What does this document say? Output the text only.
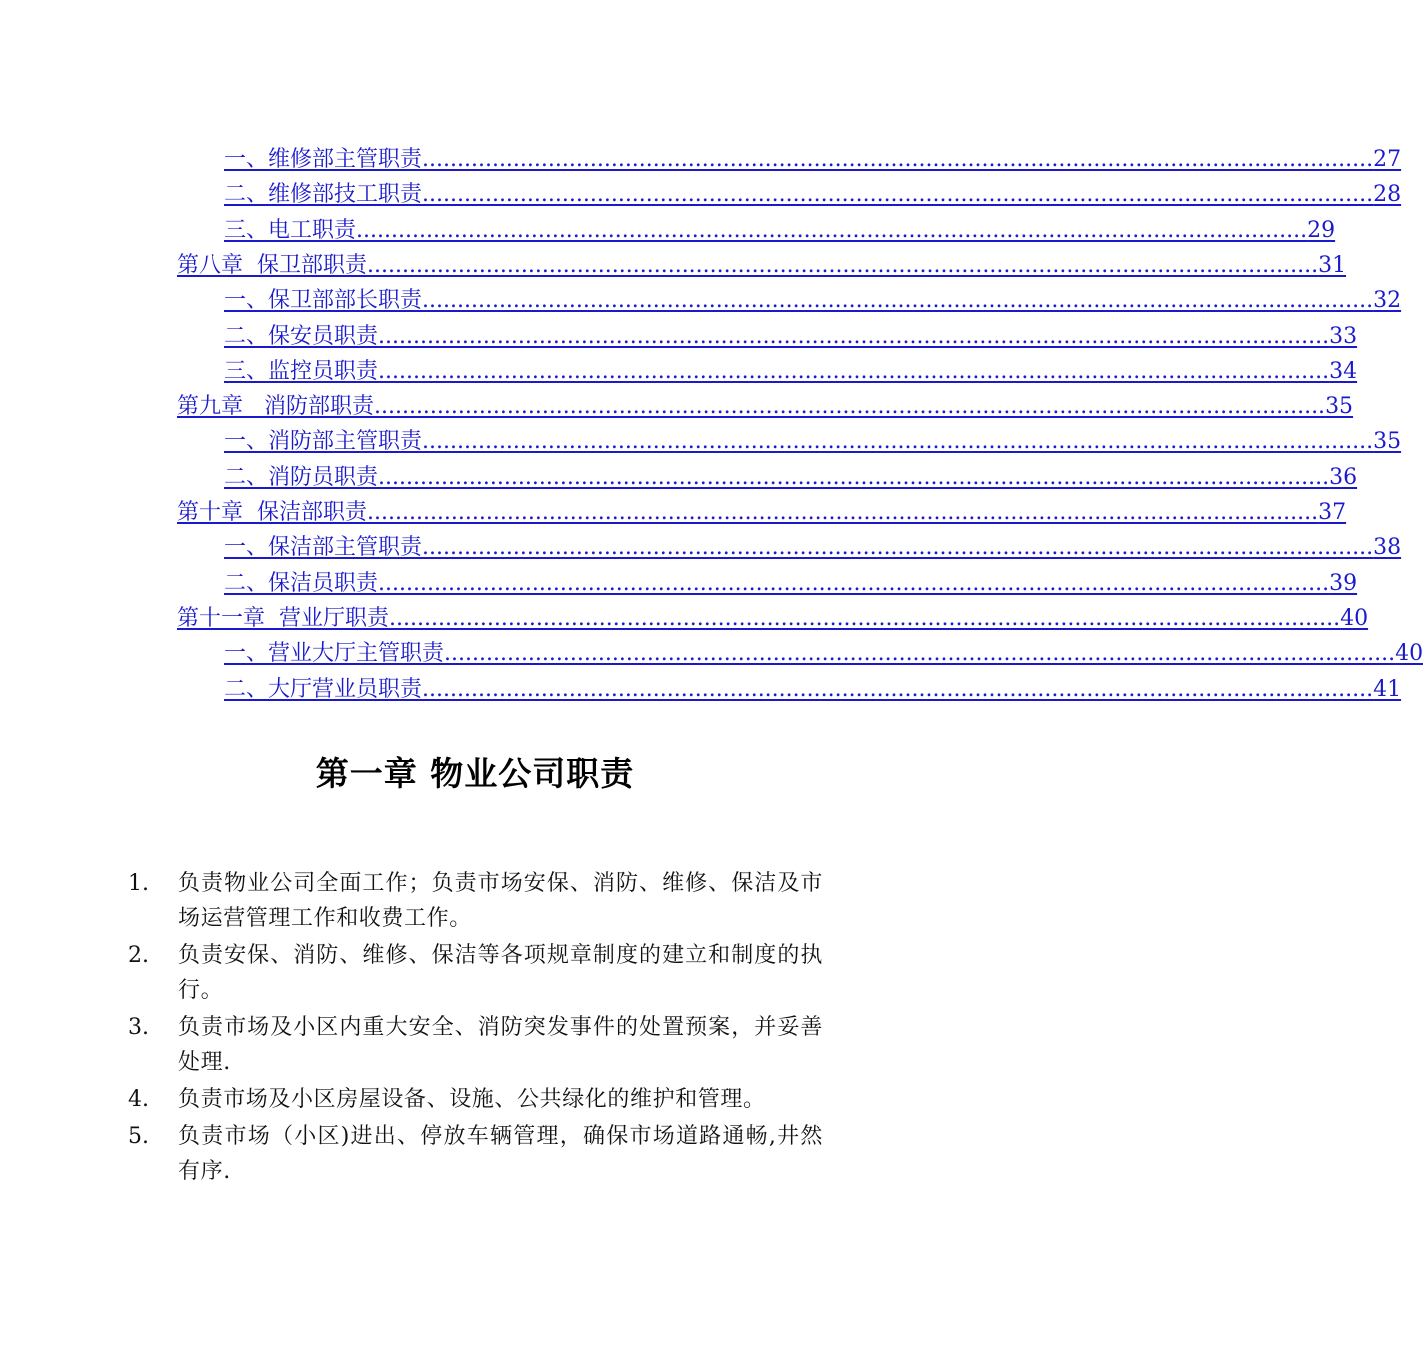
一、维修部主管职责 ........................................................................................................................................ 27
二、维修部技工职责 ........................................................................................................................................ 28
三、电工职责 ........................................................................................................................................ 29
第八章  保卫部职责 ........................................................................................................................................ 31
一、保卫部部长职责 ........................................................................................................................................ 32
二、保安员职责 ........................................................................................................................................ 33
三、监控员职责 ........................................................................................................................................ 34
第九章   消防部职责 ........................................................................................................................................ 35
一、消防部主管职责 ........................................................................................................................................ 35
二、消防员职责 ........................................................................................................................................ 36
第十章  保洁部职责 ........................................................................................................................................ 37
一、保洁部主管职责 ........................................................................................................................................ 38
二、保洁员职责 ........................................................................................................................................ 39
第十一章  营业厅职责 ........................................................................................................................................ 40
一、营业大厅主管职责 ........................................................................................................................................ 40
二、大厅营业员职责 ........................................................................................................................................ 41
第一章 物业公司职责
1.	负责物业公司全面工作；负责市场安保、消防、维修、保洁及市场运营管理工作和收费工作。
2.	负责安保、消防、维修、保洁等各项规章制度的建立和制度的执行。
3.	负责市场及小区内重大安全、消防突发事件的处置预案，并妥善处理.
4.	负责市场及小区房屋设备、设施、公共绿化的维护和管理。
5.	负责市场（小区)进出、停放车辆管理，确保市场道路通畅,井然有序.
